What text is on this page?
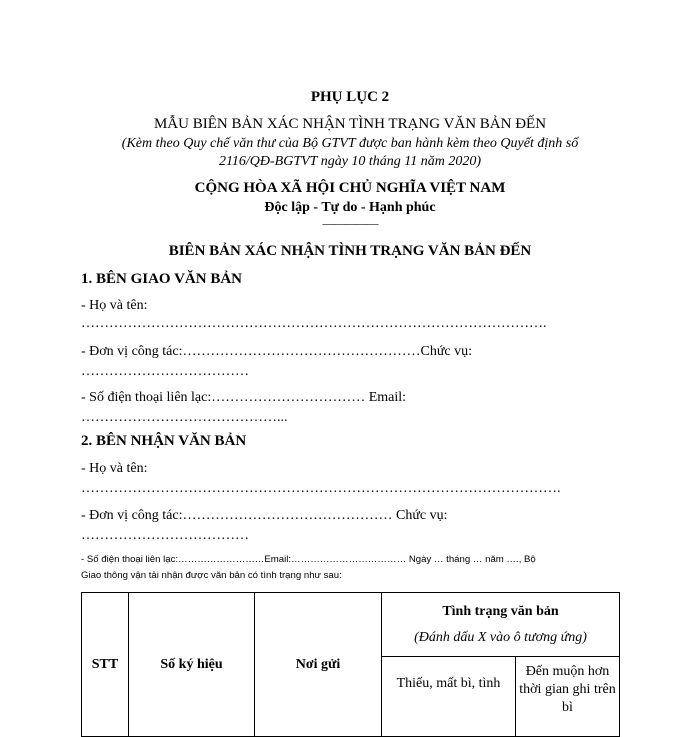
PHỤ LỤC 2
MẪU BIÊN BẢN XÁC NHẬN TÌNH TRẠNG VĂN BẢN ĐẾN
(Kèm theo Quy chế văn thư của Bộ GTVT được ban hành kèm theo Quyết định số
2116/QĐ-BGTVT ngày 10 tháng 11 năm 2020)
CỘNG HÒA XÃ HỘI CHỦ NGHĨA VIỆT NAM
Độc lập - Tự do - Hạnh phúc
—————
BIÊN BẢN XÁC NHẬN TÌNH TRẠNG VĂN BẢN ĐẾN
1. BÊN GIAO VĂN BẢN
- Họ và tên:
……………………………………………………………………………………….
- Đơn vị công tác:……………………………………………Chức vụ:
………………………………
- Số điện thoại liên lạc:…………………………… Email:
……………………………………...
2. BÊN NHẬN VĂN BẢN
- Họ và tên:
………………………………………………………………………………………….
- Đơn vị công tác:……………………………………… Chức vụ:
………………………………
- Số điện thoại liên lạc:………………………Email:……………………………… Ngày … tháng … năm …., Bộ
Giao thông vận tải nhận được văn bản có tình trạng như sau:
STT	Số ký hiệu	Nơi gửi	Tình trạng văn bản
(Đánh dấu X vào ô tương ứng)	

			Thiếu, mất bì, tình	Đến muộn hơn thời gian ghi trên bì
